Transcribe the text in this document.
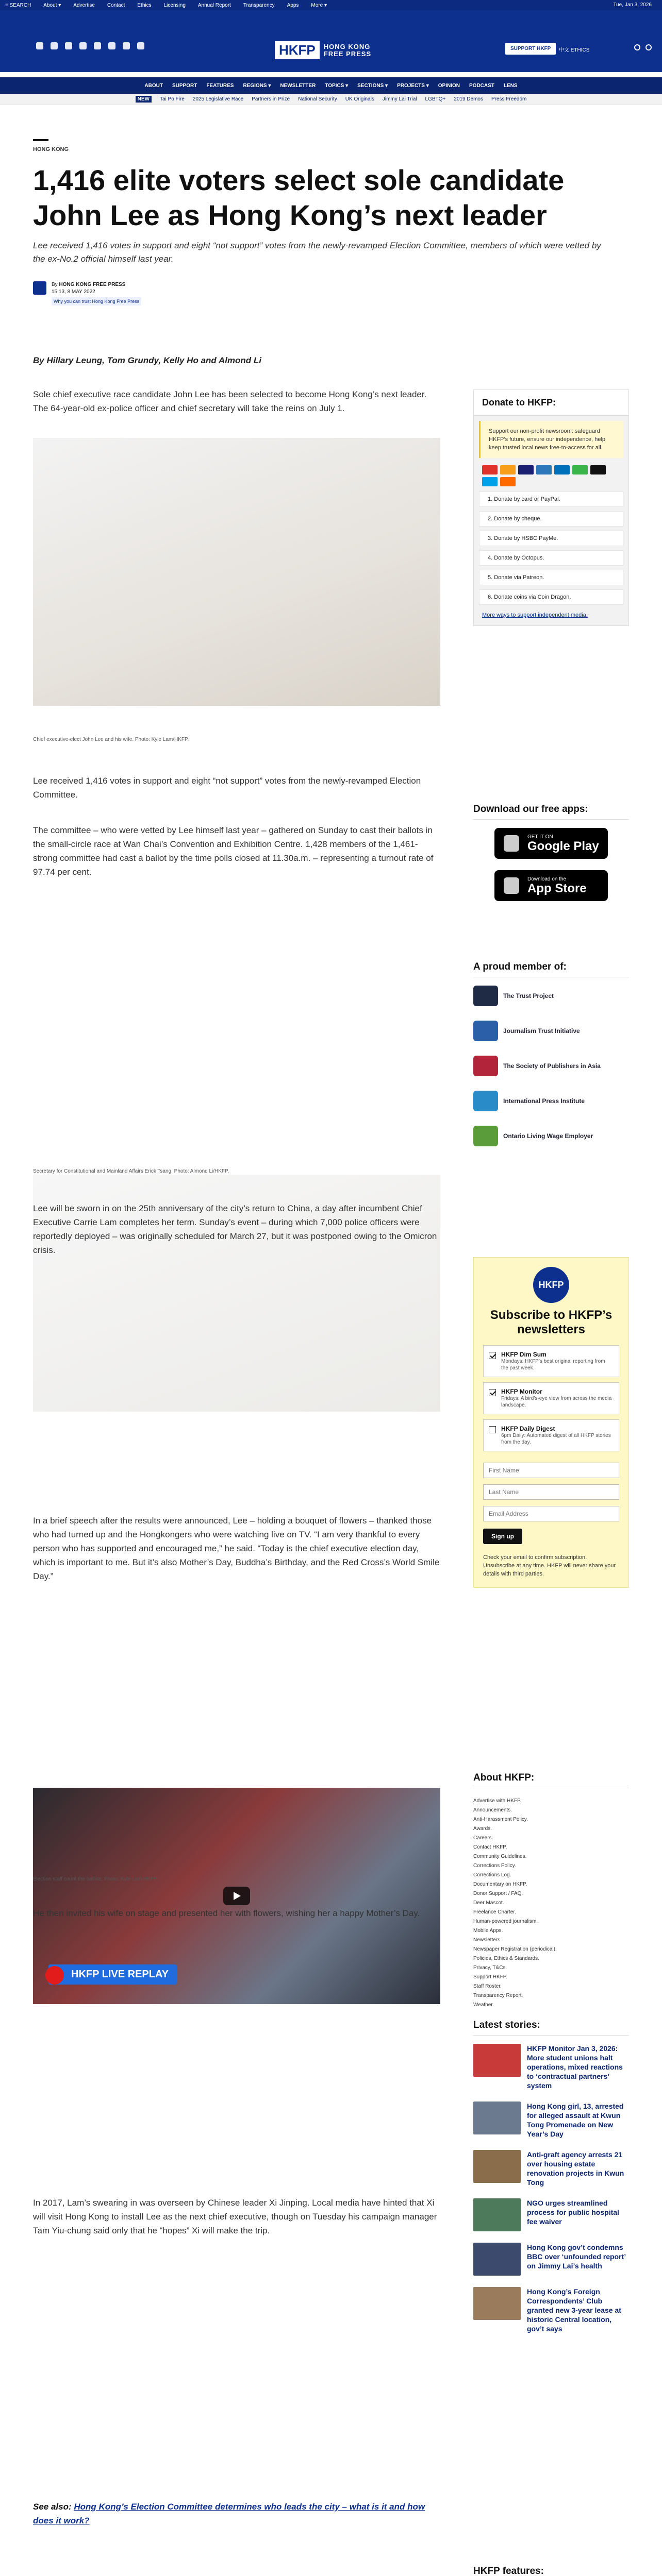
≡ SEARCH About ▾ Advertise Contact Ethics Licensing Annual Report Transparency Apps More ▾	Tue, Jan 3, 2026
HKFP	HONG KONG
FREE PRESS
SUPPORT HKFP	中文 ETHICS
ABOUT SUPPORT FEATURES REGIONS ▾ NEWSLETTER TOPICS ▾ SECTIONS ▾ PROJECTS ▾ OPINION PODCAST LENS
NEW	Tai Po Fire 2025 Legislative Race Partners in Prize National Security UK Originals Jimmy Lai Trial LGBTQ+ 2019 Demos Press Freedom
HONG KONG
1,416 elite voters select sole candidate John Lee as Hong Kong’s next leader
Lee received 1,416 votes in support and eight “not support” votes from the newly-revamped Election Committee, members of which were vetted by the ex-No.2 official himself last year.
By HONG KONG FREE PRESS
15:13, 8 MAY 2022
Why you can trust Hong Kong Free Press
By Hillary Leung, Tom Grundy, Kelly Ho and Almond Li
Sole chief executive race candidate John Lee has been selected to become Hong Kong’s next leader. The 64-year-old ex-police officer and chief secretary will take the reins on July 1.
Chief executive-elect John Lee and his wife. Photo: Kyle Lam/HKFP.
Lee received 1,416 votes in support and eight “not support” votes from the newly-revamped Election Committee.
The committee – who were vetted by Lee himself last year – gathered on Sunday to cast their ballots in the small-circle race at Wan Chai’s Convention and Exhibition Centre. 1,428 members of the 1,461-strong committee had cast a ballot by the time polls closed at 11.30a.m. – representing a turnout rate of 97.74 per cent.
Secretary for Constitutional and Mainland Affairs Erick Tsang. Photo: Almond Li/HKFP.
Lee will be sworn in on the 25th anniversary of the city’s return to China, a day after incumbent Chief Executive Carrie Lam completes her term. Sunday’s event – during which 7,000 police officers were reportedly deployed – was originally scheduled for March 27, but it was postponed owing to the Omicron crisis.
HKFP LIVE REPLAY
In a brief speech after the results were announced, Lee – holding a bouquet of flowers – thanked those who had turned up and the Hongkongers who were watching live on TV. “I am very thankful to every person who has supported and encouraged me,” he said. “Today is the chief executive election day, which is important to me. But it’s also Mother’s Day, Buddha’s Birthday, and the Red Cross’s World Smile Day.”
Election staff count the ballots. Photo: Kyle Lam/HKFP.
He then invited his wife on stage and presented her with flowers, wishing her a happy Mother’s Day.
In 2017, Lam’s swearing in was overseen by Chinese leader Xi Jinping. Local media have hinted that Xi will visit Hong Kong to install Lee as the next chief executive, though on Tuesday his campaign manager Tam Yiu-chung said only that he “hopes” Xi will make the trip.

See also: Hong Kong’s Election Committee determines who leads the city – what is it and how does it work?
Donate to HKFP:
Support our non-profit newsroom: safeguard HKFP’s future, ensure our independence, help keep trusted local news free-to-access for all.
1. Donate by card or PayPal.
2. Donate by cheque.
3. Donate by HSBC PayMe.
4. Donate by Octopus.
5. Donate via Patreon.
6. Donate coins via Coin Dragon.
More ways to support independent media.
Download our free apps:
GET IT ON
Google Play
Download on the
App Store
A proud member of:
The Trust Project
Journalism Trust Initiative
The Society of Publishers in Asia
International Press Institute
Ontario Living Wage Employer
HKFP
Subscribe to HKFP’s newsletters
HKFP Dim Sum
Mondays: HKFP’s best original reporting from the past week.
HKFP Monitor
Fridays: A bird’s-eye view from across the media landscape.
HKFP Daily Digest
6pm Daily: Automated digest of all HKFP stories from the day.
First Name Last Name Email Address Sign up
Check your email to confirm subscription. Unsubscribe at any time. HKFP will never share your details with third parties.
About HKFP:
Advertise with HKFP.
Announcements.
Anti-Harassment Policy.
Awards.
Careers.
Contact HKFP.
Community Guidelines.
Corrections Policy.
Corrections Log.
Documentary on HKFP.
Donor Support / FAQ.
Deer Mascot.
Freelance Charter.
Human-powered journalism.
Mobile Apps.
Newsletters.
Newspaper Registration (periodical).
Policies, Ethics & Standards.
Privacy, T&Cs.
Support HKFP.
Staff Roster.
Transparency Report.
Weather.
Latest stories:
HKFP Monitor Jan 3, 2026: More student unions halt operations, mixed reactions to ‘contractual partners’ system
Hong Kong girl, 13, arrested for alleged assault at Kwun Tong Promenade on New Year’s Day
Anti-graft agency arrests 21 over housing estate renovation projects in Kwun Tong
NGO urges streamlined process for public hospital fee waiver
Hong Kong gov’t condemns BBC over ‘unfounded report’ on Jimmy Lai’s health
Hong Kong’s Foreign Correspondents’ Club granted new 3-year lease at historic Central location, gov’t says
HKFP features:
